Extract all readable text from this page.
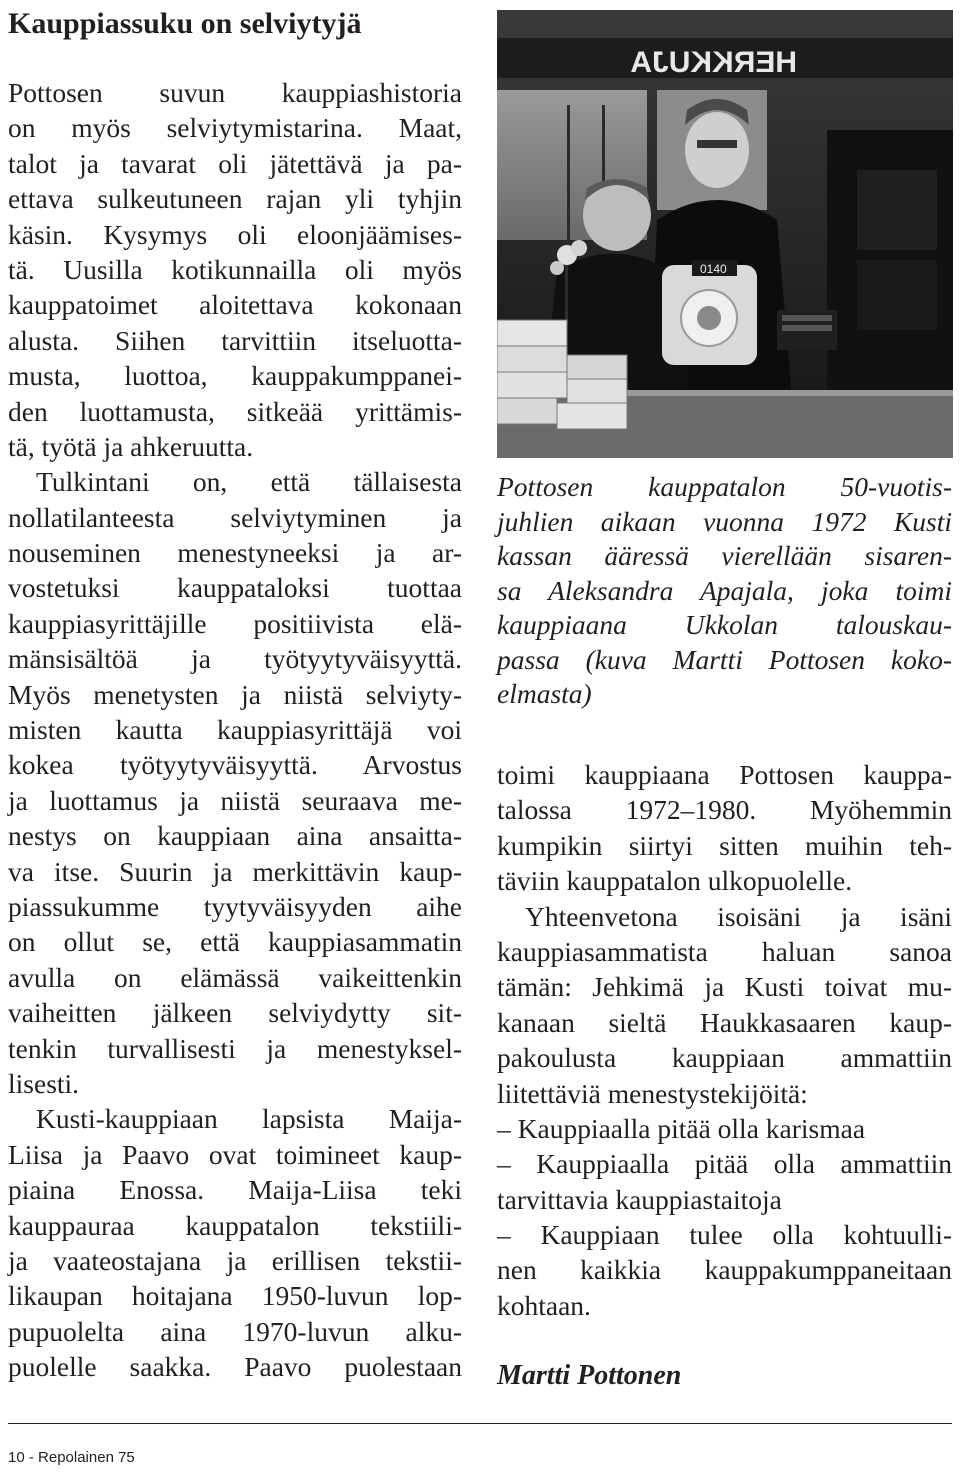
Kauppiassuku on selviytyjä
Pottosen suvun kauppiashistoria
on myös selviytymistarina. Maat,
talot ja tavarat oli jätettävä ja pa-
ettava sulkeutuneen rajan yli tyhjin
käsin. Kysymys oli eloonjäämises-
tä. Uusilla kotikunnailla oli myös
kauppatoimet aloitettava kokonaan
alusta. Siihen tarvittiin itseluotta-
musta, luottoa, kauppakumppanei-
den luottamusta, sitkeää yrittämis-
tä, työtä ja ahkeruutta.
Tulkintani on, että tällaisesta
nollatilanteesta selviytyminen ja
nouseminen menestyneeksi ja ar-
vostetuksi kauppataloksi tuottaa
kauppiasyrittäjille positiivista elä-
mänsisältöä ja työtyytyväisyyttä.
Myös menetysten ja niistä selviyty-
misten kautta kauppiasyrittäjä voi
kokea työtyytyväisyyttä. Arvostus
ja luottamus ja niistä seuraava me-
nestys on kauppiaan aina ansaitta-
va itse. Suurin ja merkittävin kaup-
piassukumme tyytyväisyyden aihe
on ollut se, että kauppiasammatin
avulla on elämässä vaikeittenkin
vaiheitten jälkeen selviydytty sit-
tenkin turvallisesti ja menestyksel-
lisesti.
Kusti-kauppiaan lapsista Maija-
Liisa ja Paavo ovat toimineet kaup-
piaina Enossa. Maija-Liisa teki
kauppauraa kauppatalon tekstiili-
ja vaateostajana ja erillisen tekstii-
likaupan hoitajana 1950-luvun lop-
pupuolelta aina 1970-luvun alku-
puolelle saakka. Paavo puolestaan
HERKKUJA
0140
Pottosen kauppatalon 50-vuotis-
juhlien aikaan vuonna 1972 Kusti
kassan ääressä vierellään sisaren-
sa Aleksandra Apajala, joka toimi
kauppiaana Ukkolan talouskau-
passa (kuva Martti Pottosen koko-
elmasta)
toimi kauppiaana Pottosen kauppa-
talossa 1972–1980. Myöhemmin
kumpikin siirtyi sitten muihin teh-
täviin kauppatalon ulkopuolelle.
Yhteenvetona isoisäni ja isäni
kauppiasammatista haluan sanoa
tämän: Jehkimä ja Kusti toivat mu-
kanaan sieltä Haukkasaaren kaup-
pakoulusta kauppiaan ammattiin
liitettäviä menestystekijöitä:
– Kauppiaalla pitää olla karismaa
– Kauppiaalla pitää olla ammattiin
tarvittavia kauppiastaitoja
– Kauppiaan tulee olla kohtuulli-
nen kaikkia kauppakumppaneitaan
kohtaan.

Martti Pottonen

10 - Repolainen 75
